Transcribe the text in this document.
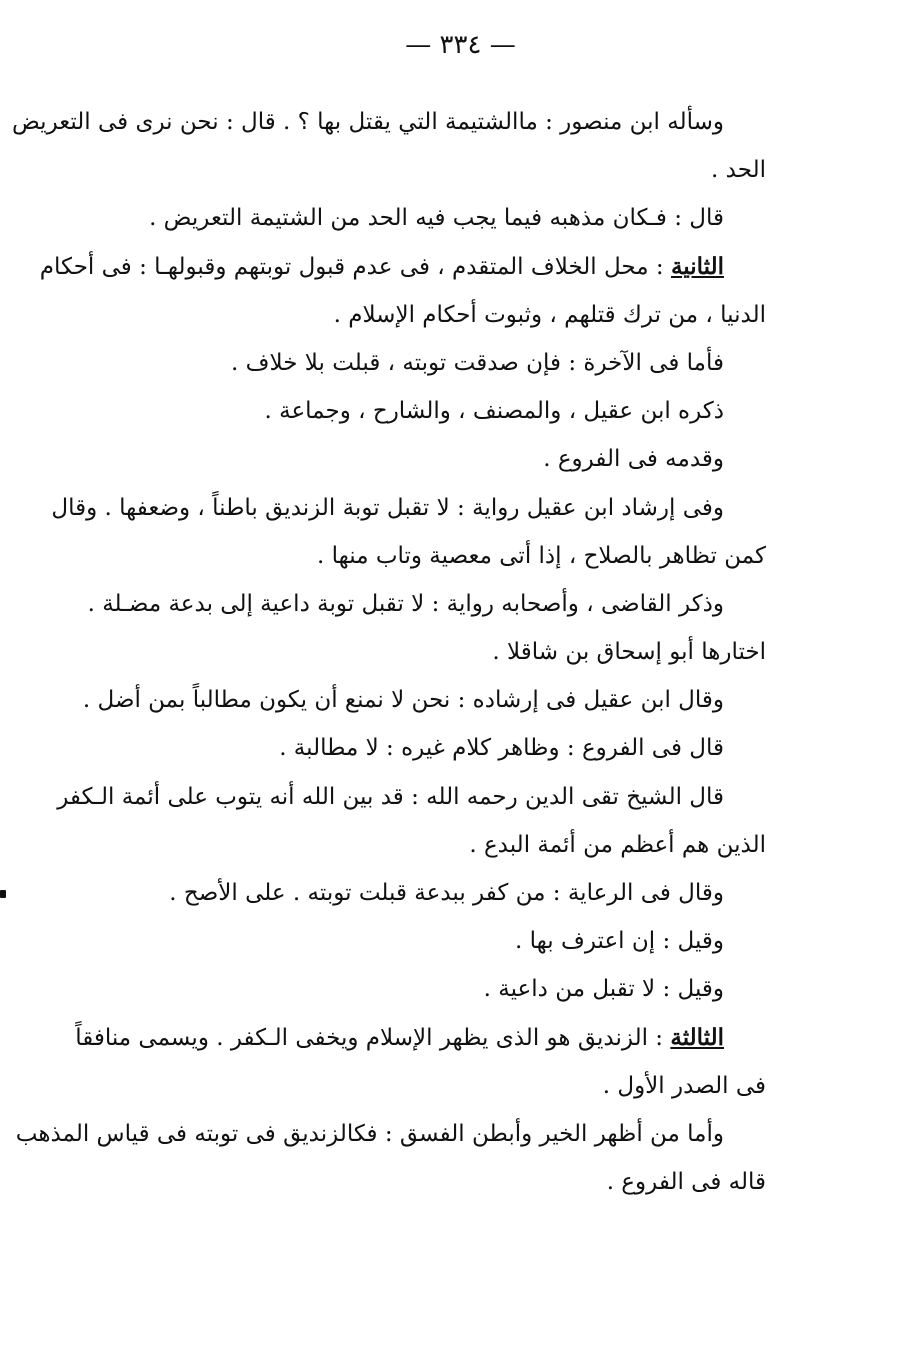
— ٣٣٤ —
وسأله ابن منصور : ماالشتيمة التي يقتل بها ؟ . قال : نحن نرى فى التعريض
الحد .
قال : فـكان مذهبه فيما يجب فيه الحد من الشتيمة التعريض .
الثانية : محل الخلاف المتقدم ، فى عدم قبول توبتهم وقبولهـا : فى أحكام
الدنيا ، من ترك قتلهم ، وثبوت أحكام الإسلام .
فأما فى الآخرة : فإن صدقت توبته ، قبلت بلا خلاف .
ذكره ابن عقيل ، والمصنف ، والشارح ، وجماعة .
وقدمه فى الفروع .
وفى إرشاد ابن عقيل رواية : لا تقبل توبة الزنديق باطناً ، وضعفها . وقال
كمن تظاهر بالصلاح ، إذا أتى معصية وتاب منها .
وذكر القاضى ، وأصحابه رواية : لا تقبل توبة داعية إلى بدعة مضـلة .
اختارها أبو إسحاق بن شاقلا .
وقال ابن عقيل فى إرشاده : نحن لا نمنع أن يكون مطالباً بمن أضل .
قال فى الفروع : وظاهر كلام غيره : لا مطالبة .
قال الشيخ تقى الدين رحمه الله : قد بين الله أنه يتوب على أئمة الـكفر
الذين هم أعظم من أئمة البدع .
وقال فى الرعاية : من كفر ببدعة قبلت توبته . على الأصح .
وقيل : إن اعترف بها .
وقيل : لا تقبل من داعية .
الثالثة : الزنديق هو الذى يظهر الإسلام ويخفى الـكفر . ويسمى منافقاً
فى الصدر الأول .
وأما من أظهر الخير وأبطن الفسق : فكالزنديق فى توبته فى قياس المذهب
قاله فى الفروع .
